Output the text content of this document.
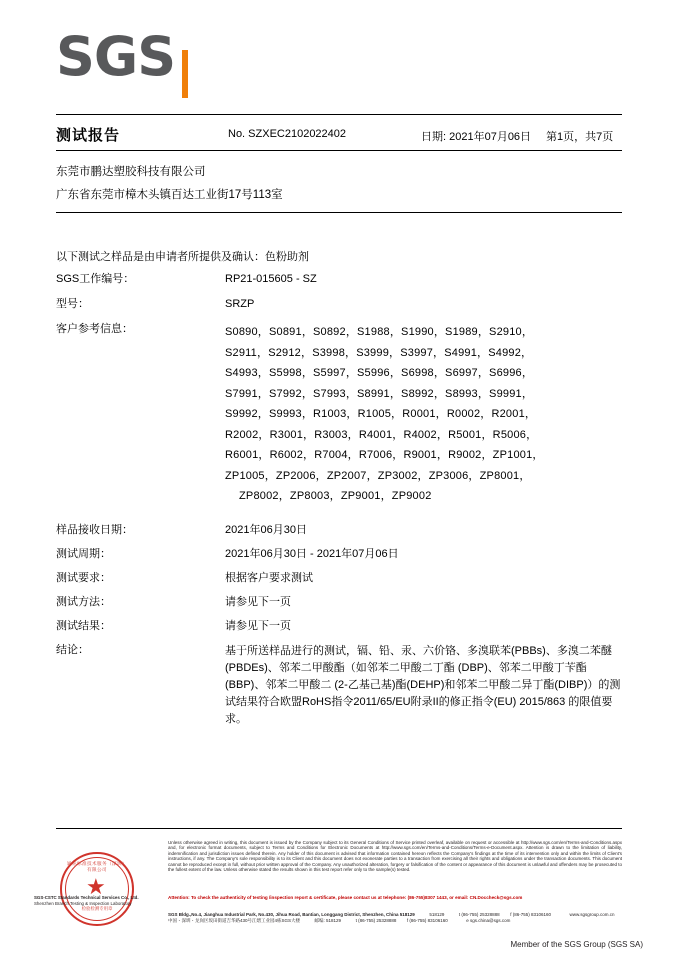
SGS
测试报告	No. SZXEC2102022402	日期: 2021年07月06日 第1页，共7页
东莞市鹏达塑胶科技有限公司
广东省东莞市樟木头镇百达工业街17号113室
以下测试之样品是由申请者所提供及确认：色粉助剂
SGS工作编号：	RP21-015605 - SZ
型号：	SRZP
客户参考信息：	S0890，S0891，S0892，S1988，S1990，S1989，S2910，
S2911，S2912，S3998，S3999，S3997，S4991，S4992，
S4993，S5998，S5997，S5996，S6998，S6997，S6996，
S7991，S7992，S7993，S8991，S8992，S8993，S9991，
S9992，S9993，R1003，R1005，R0001，R0002，R2001，
R2002，R3001，R3003，R4001，R4002，R5001，R5006，
R6001，R6002，R7004，R7006，R9001，R9002，ZP1001，
ZP1005，ZP2006，ZP2007，ZP3002，ZP3006，ZP8001，
ZP8002，ZP8003，ZP9001，ZP9002
样品接收日期：	2021年06月30日
测试周期：	2021年06月30日 - 2021年07月06日
测试要求：	根据客户要求测试
测试方法：	请参见下一页
测试结果：	请参见下一页
结论：	基于所送样品进行的测试，镉、铅、汞、六价铬、多溴联苯(PBBs)、多溴二苯醚(PBDEs)、邻苯二甲酸酯（如邻苯二甲酸二丁酯 (DBP)、邻苯二甲酸丁苄酯(BBP)、邻苯二甲酸二 (2-乙基己基)酯(DEHP)和邻苯二甲酸二异丁酯(DIBP)）的测试结果符合欧盟RoHS指令2011/65/EU附录II的修正指令(EU) 2015/863 的限值要求。
通标标准技术服务（深圳）有限公司
★
检验检测专用章
SGS-CSTC Standards Technical Services Co., Ltd.
Shenzhen Branch Testing & Inspection Laboratory
Unless otherwise agreed in writing, this document is issued by the Company subject to its General Conditions of Service printed overleaf, available on request or accessible at http://www.sgs.com/en/Terms-and-Conditions.aspx and, for electronic format documents, subject to Terms and Conditions for Electronic Documents at http://www.sgs.com/en/Terms-and-Conditions/Terms-e-Document.aspx. Attention is drawn to the limitation of liability, indemnification and jurisdiction issues defined therein. Any holder of this document is advised that information contained hereon reflects the Company's findings at the time of its intervention only and within the limits of Client's instructions, if any. The Company's sole responsibility is to its Client and this document does not exonerate parties to a transaction from exercising all their rights and obligations under the transaction documents. This document cannot be reproduced except in full, without prior written approval of the Company. Any unauthorized alteration, forgery or falsification of the content or appearance of this document is unlawful and offenders may be prosecuted to the fullest extent of the law. Unless otherwise stated the results shown in this test report refer only to the sample(s) tested.
Attention: To check the authenticity of testing /inspection report & certificate, please contact us at telephone: (86-755)8307 1443, or email: CN.Doccheck@sgs.com
SGS Bldg.,No.4, Jianghua Industrial Park, No.430, Jihua Road, Bantian, Longgang District, Shenzhen, China 518129	518129	t (86-755) 25328888 f (86-755) 83106160	www.sgsgroup.com.cn
中国・深圳・龙岗区坂田街道吉华路430号江熠工业园4栋SGS大楼	邮编: 518129	t (86-755) 25328888 f (86-755) 83106160	e sgs.china@sgs.com
Member of the SGS Group (SGS SA)
